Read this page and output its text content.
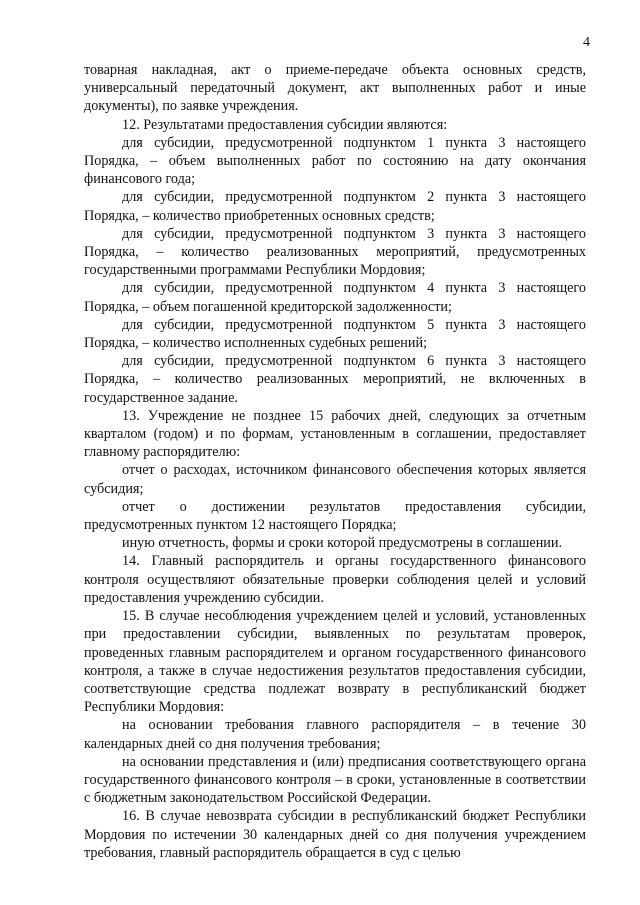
4

товарная накладная, акт о приеме-передаче объекта основных средств, универсальный передаточный документ, акт выполненных работ и иные документы), по заявке учреждения.

12. Результатами предоставления субсидии являются:

для субсидии, предусмотренной подпунктом 1 пункта 3 настоящего Порядка, – объем выполненных работ по состоянию на дату окончания финансового года;

для субсидии, предусмотренной подпунктом 2 пункта 3 настоящего Порядка, – количество приобретенных основных средств;

для субсидии, предусмотренной подпунктом 3 пункта 3 настоящего Порядка, – количество реализованных мероприятий, предусмотренных государственными программами Республики Мордовия;

для субсидии, предусмотренной подпунктом 4 пункта 3 настоящего Порядка, – объем погашенной кредиторской задолженности;

для субсидии, предусмотренной подпунктом 5 пункта 3 настоящего Порядка, – количество исполненных судебных решений;

для субсидии, предусмотренной подпунктом 6 пункта 3 настоящего Порядка, – количество реализованных мероприятий, не включенных в государственное задание.

13. Учреждение не позднее 15 рабочих дней, следующих за отчетным кварталом (годом) и по формам, установленным в соглашении, предоставляет главному распорядителю:

отчет о расходах, источником финансового обеспечения которых является субсидия;

отчет о достижении результатов предоставления субсидии, предусмотренных пунктом 12 настоящего Порядка;

иную отчетность, формы и сроки которой предусмотрены в соглашении.

14. Главный распорядитель и органы государственного финансового контроля осуществляют обязательные проверки соблюдения целей и условий предоставления учреждению субсидии.

15. В случае несоблюдения учреждением целей и условий, установленных при предоставлении субсидии, выявленных по результатам проверок, проведенных главным распорядителем и органом государственного финансового контроля, а также в случае недостижения результатов предоставления субсидии, соответствующие средства подлежат возврату в республиканский бюджет Республики Мордовия:

на основании требования главного распорядителя – в течение 30 календарных дней со дня получения требования;

на основании представления и (или) предписания соответствующего органа государственного финансового контроля – в сроки, установленные в соответствии с бюджетным законодательством Российской Федерации.

16. В случае невозврата субсидии в республиканский бюджет Республики Мордовия по истечении 30 календарных дней со дня получения учреждением требования, главный распорядитель обращается в суд с целью
